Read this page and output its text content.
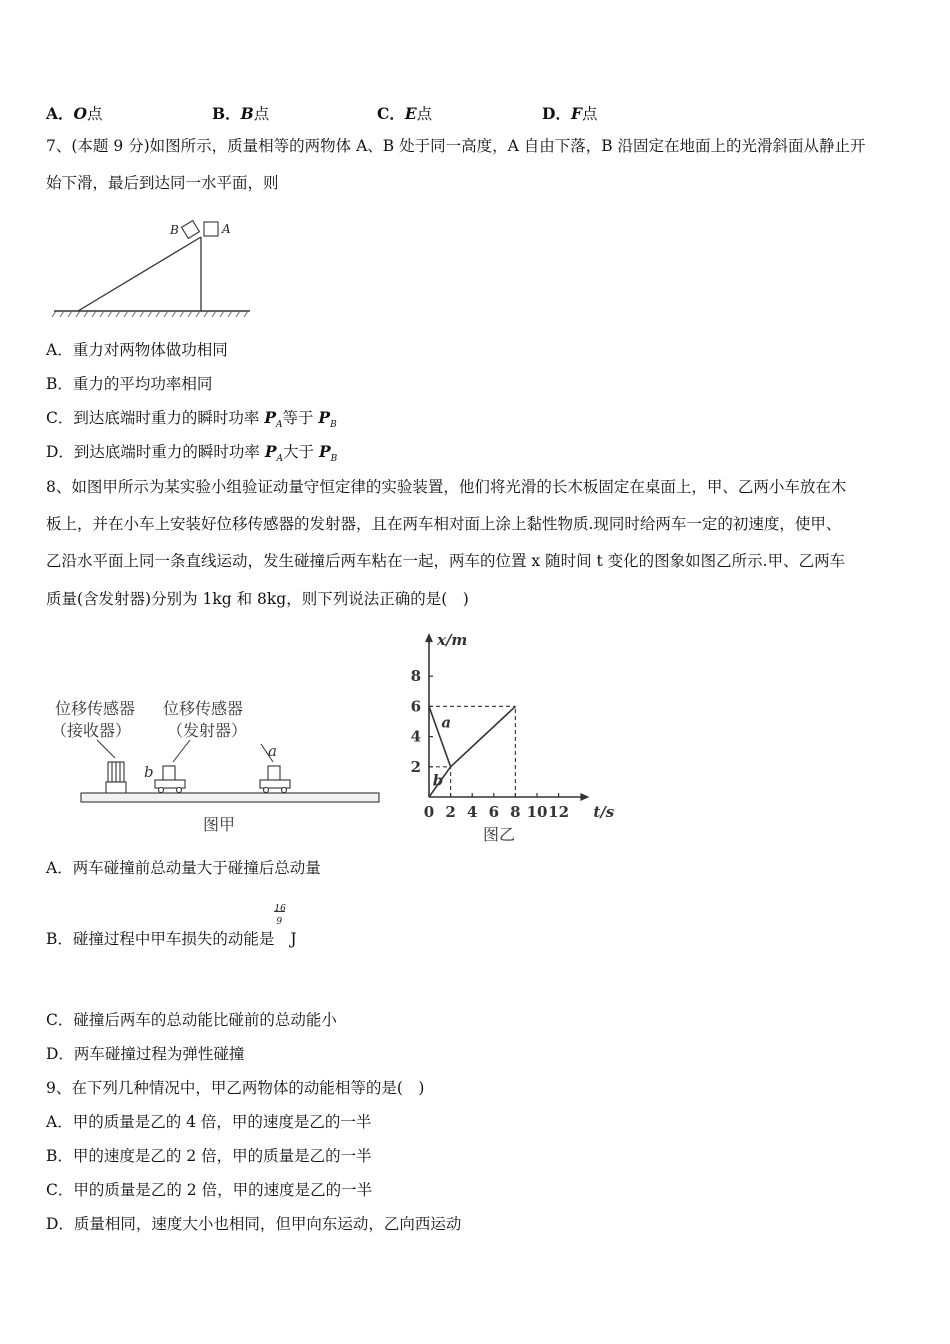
A．O点	B．B点	C．E点	D．F点
7、(本题 9 分)如图所示，质量相等的两物体 A、B 处于同一高度，A 自由下落，B 沿固定在地面上的光滑斜面从静止开
始下滑，最后到达同一水平面，则
B	A
A．重力对两物体做功相同
B．重力的平均功率相同
C．到达底端时重力的瞬时功率 $P_A$等于 $P_B$
D．到达底端时重力的瞬时功率 $P_A$大于 $P_B$
8、如图甲所示为某实验小组验证动量守恒定律的实验装置，他们将光滑的长木板固定在桌面上，甲、乙两小车放在木
板上，并在小车上安装好位移传感器的发射器，且在两车相对面上涂上黏性物质.现同时给两车一定的初速度，使甲、
乙沿水平面上同一条直线运动，发生碰撞后两车粘在一起，两车的位置 x 随时间 t 变化的图象如图乙所示.甲、乙两车
质量(含发射器)分别为 1kg 和 8kg，则下列说法正确的是(　)
位移传感器
（接收器）
位移传感器
（发射器）
b
a
图甲
0 2 4 6 8 10 12
2
4
6
8
x/m
t/s
a
b
图乙
A．两车碰撞前总动量大于碰撞后总动量
B．碰撞过程中甲车损失的动能是
16
9
J
C．碰撞后两车的总动能比碰前的总动能小
D．两车碰撞过程为弹性碰撞
9、在下列几种情况中，甲乙两物体的动能相等的是(　)
A．甲的质量是乙的 4 倍，甲的速度是乙的一半
B．甲的速度是乙的 2 倍，甲的质量是乙的一半
C．甲的质量是乙的 2 倍，甲的速度是乙的一半
D．质量相同，速度大小也相同，但甲向东运动，乙向西运动
